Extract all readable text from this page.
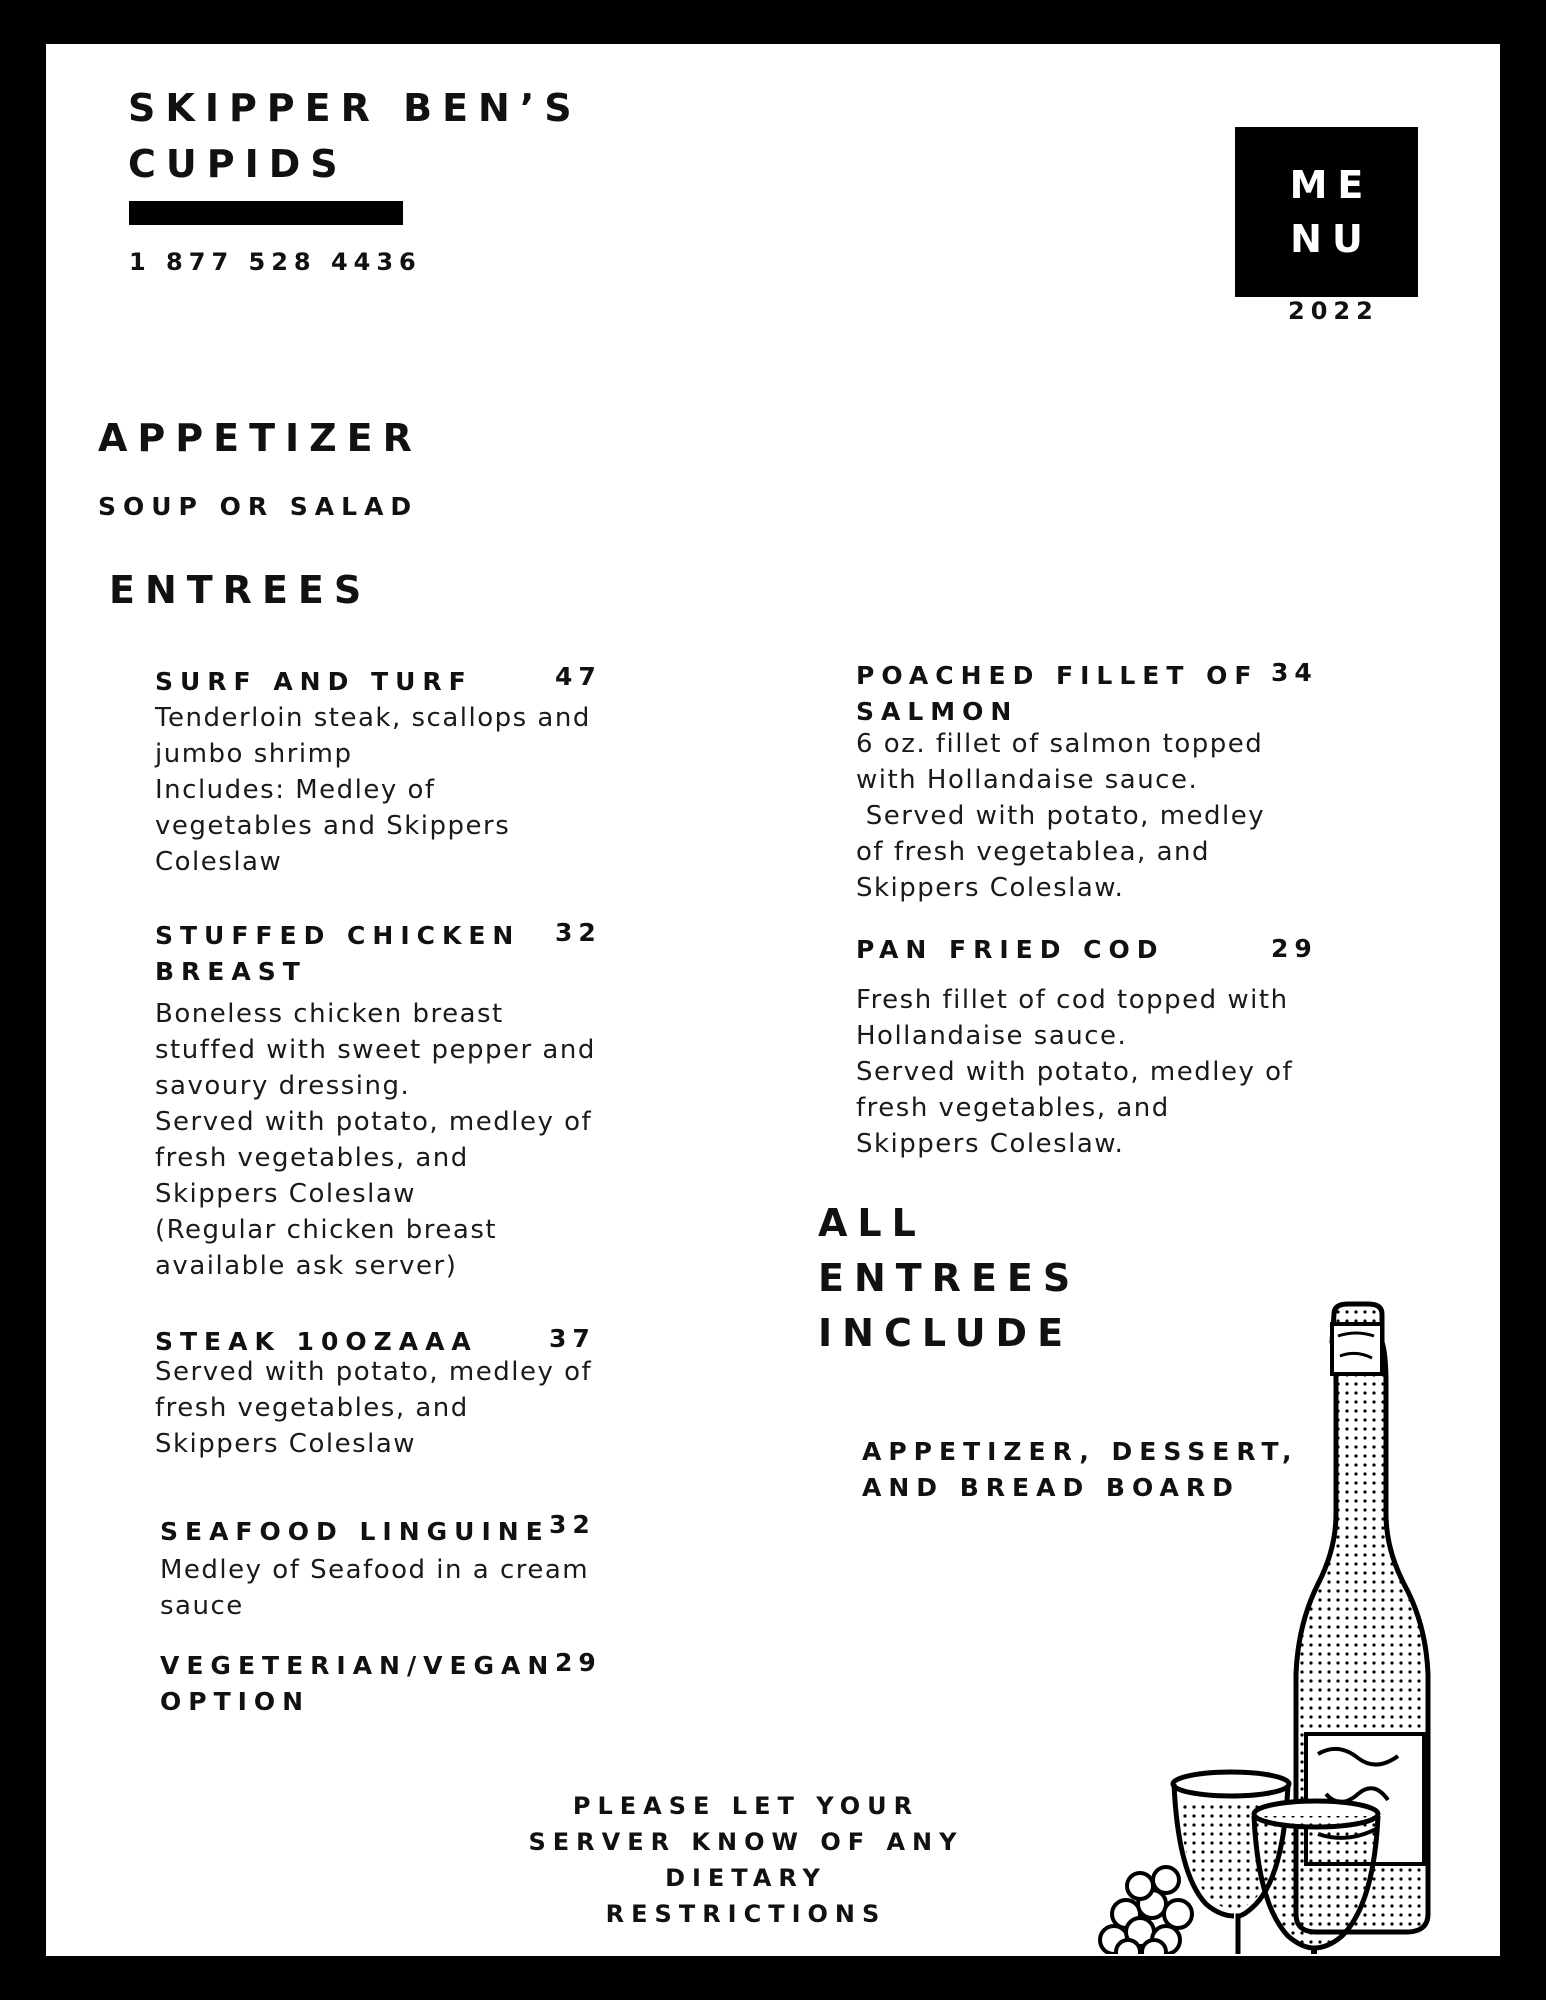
SKIPPER BEN’S
CUPIDS
1 877 528 4436
ME
NU
2022
APPETIZER
SOUP OR SALAD
ENTREES
SURF AND TURF	47
Tenderloin steak, scallops and
jumbo shrimp
Includes: Medley of
vegetables and Skippers
Coleslaw
STUFFED CHICKEN
BREAST
32
Boneless chicken breast
stuffed with sweet pepper and
savoury dressing.
Served with potato, medley of
fresh vegetables, and
Skippers Coleslaw
(Regular chicken breast
available ask server)
STEAK 10OZAAA	37
Served with potato, medley of
fresh vegetables, and
Skippers Coleslaw
SEAFOOD LINGUINE 32
Medley of Seafood in a cream
sauce
VEGETERIAN/VEGAN
OPTION
29
POACHED FILLET OF
SALMON
34
6 oz. fillet of salmon topped
with Hollandaise sauce.
Served with potato, medley
of fresh vegetablea, and
Skippers Coleslaw.
PAN FRIED COD	29
Fresh fillet of cod topped with
Hollandaise sauce.
Served with potato, medley of
fresh vegetables, and
Skippers Coleslaw.
ALL
ENTREES
INCLUDE
APPETIZER, DESSERT,
AND BREAD BOARD
PLEASE LET YOUR
SERVER KNOW OF ANY
DIETARY
RESTRICTIONS
